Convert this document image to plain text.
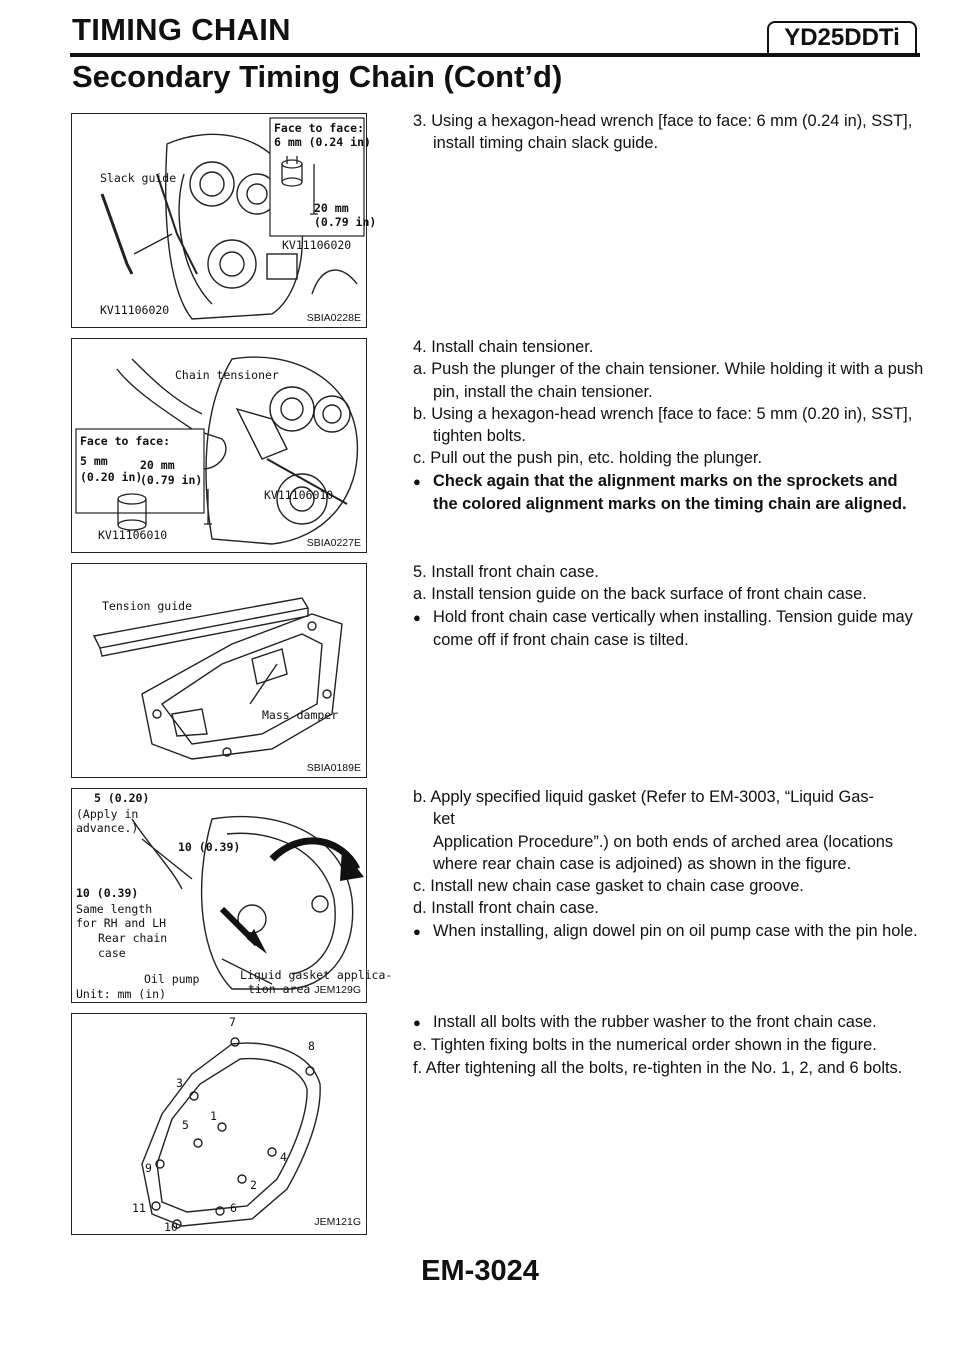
TIMING CHAIN	YD25DDTi
Secondary Timing Chain (Cont’d)
Face to face:
6 mm (0.24 in)
Slack guide
20 mm
(0.79 in)
KV11106020
KV11106020
SBIA0228E
Chain tensioner
Face to face:
5 mm
(0.20 in)
20 mm
(0.79 in)
KV11106010
KV11106010
SBIA0227E
Tension guide
Mass damper
SBIA0189E
5 (0.20)
(Apply in
advance.)
10 (0.39)
10 (0.39)
Same length
for RH and LH
Rear chain
case
Oil pump	Liquid gasket applica-
tion area
Unit: mm (in)	JEM129G
7
8
3
5
1
4
9
2
11	6
10	JEM121G

3. Using a hexagon-head wrench [face to face: 6 mm (0.24 in), SST], install timing chain slack guide.

4. Install chain tensioner.

a. Push the plunger of the chain tensioner. While holding it with a push pin, install the chain tensioner.

b. Using a hexagon-head wrench [face to face: 5 mm (0.20 in), SST], tighten bolts.

c. Pull out the push pin, etc. holding the plunger.

● Check again that the alignment marks on the sprockets and the colored alignment marks on the timing chain are aligned.

5. Install front chain case.

a. Install tension guide on the back surface of front chain case.

● Hold front chain case vertically when installing. Tension guide may come off if front chain case is tilted.

b. Apply specified liquid gasket (Refer to EM-3003, “Liquid Gas-

ket

Application Procedure”.) on both ends of arched area (locations where rear chain case is adjoined) as shown in the figure.

c. Install new chain case gasket to chain case groove.

d. Install front chain case.

● When installing, align dowel pin on oil pump case with the pin hole.

● Install all bolts with the rubber washer to the front chain case.

e. Tighten fixing bolts in the numerical order shown in the figure.

f. After tightening all the bolts, re-tighten in the No. 1, 2, and 6 bolts.

EM-3024
